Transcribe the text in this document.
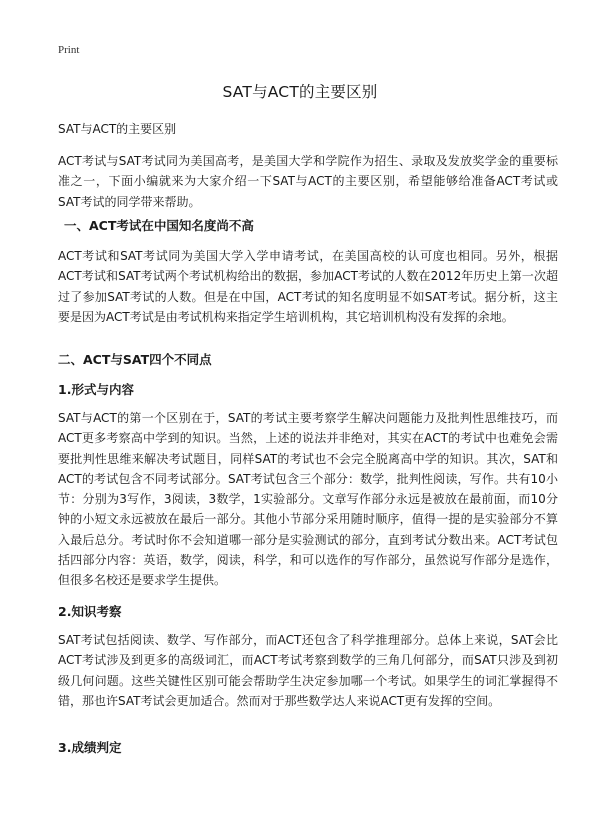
Print
SAT与ACT的主要区别

SAT与ACT的主要区别

ACT考试与SAT考试同为美国高考，是美国大学和学院作为招生、录取及发放奖学金的重要标准之一，下面小编就来为大家介绍一下SAT与ACT的主要区别，希望能够给准备ACT考试或SAT考试的同学带来帮助。

一、ACT考试在中国知名度尚不高

ACT考试和SAT考试同为美国大学入学申请考试，在美国高校的认可度也相同。另外，根据ACT考试和SAT考试两个考试机构给出的数据，参加ACT考试的人数在2012年历史上第一次超过了参加SAT考试的人数。但是在中国，ACT考试的知名度明显不如SAT考试。据分析，这主要是因为ACT考试是由考试机构来指定学生培训机构，其它培训机构没有发挥的余地。

二、ACT与SAT四个不同点
1.形式与内容

SAT与ACT的第一个区别在于，SAT的考试主要考察学生解决问题能力及批判性思维技巧，而ACT更多考察高中学到的知识。当然，上述的说法并非绝对，其实在ACT的考试中也难免会需要批判性思维来解决考试题目，同样SAT的考试也不会完全脱离高中学的知识。其次，SAT和ACT的考试包含不同考试部分。SAT考试包含三个部分：数学，批判性阅读，写作。共有10小节：分别为3写作，3阅读，3数学，1实验部分。文章写作部分永远是被放在最前面，而10分钟的小短文永远被放在最后一部分。其他小节部分采用随时顺序，值得一提的是实验部分不算入最后总分。考试时你不会知道哪一部分是实验测试的部分，直到考试分数出来。ACT考试包括四部分内容：英语，数学，阅读，科学，和可以选作的写作部分，虽然说写作部分是选作，但很多名校还是要求学生提供。

2.知识考察

SAT考试包括阅读、数学、写作部分，而ACT还包含了科学推理部分。总体上来说，SAT会比ACT考试涉及到更多的高级词汇，而ACT考试考察到数学的三角几何部分，而SAT只涉及到初级几何问题。这些关键性区别可能会帮助学生决定参加哪一个考试。如果学生的词汇掌握得不错，那也许SAT考试会更加适合。然而对于那些数学达人来说ACT更有发挥的空间。

3.成绩判定
